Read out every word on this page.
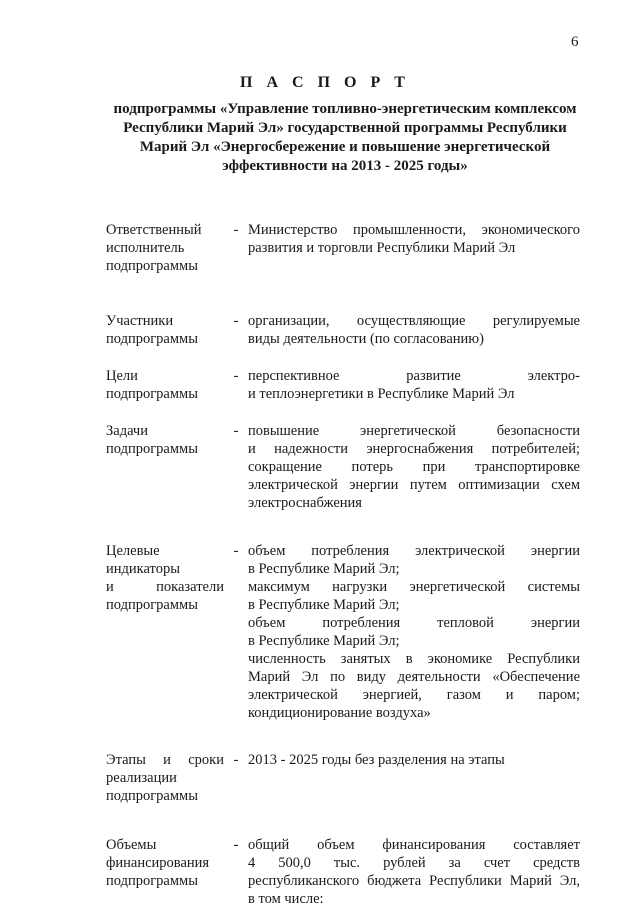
6
П А С П О Р Т
подпрограммы «Управление топливно-энергетическим комплексом
Республики Марий Эл» государственной программы Республики
Марий Эл «Энергосбережение и повышение энергетической
эффективности на 2013 - 2025 годы»
Ответственный
исполнитель
подпрограммы
- Министерство промышленности, экономического
развития и торговли Республики Марий Эл
Участники
подпрограммы
- организации, осуществляющие регулируемые
виды деятельности (по согласованию)
Цели
подпрограммы
- перспективное развитие электро-
и теплоэнергетики в Республике Марий Эл
Задачи
подпрограммы
- повышение энергетической безопасности
и надежности энергоснабжения потребителей;
сокращение потерь при транспортировке
электрической энергии путем оптимизации схем
электроснабжения
Целевые
индикаторы
и показатели
подпрограммы
- объем потребления электрической энергии
в Республике Марий Эл;
максимум нагрузки энергетической системы
в Республике Марий Эл;
объем потребления тепловой энергии
в Республике Марий Эл;
численность занятых в экономике Республики
Марий Эл по виду деятельности «Обеспечение
электрической энергией, газом и паром;
кондиционирование воздуха»
Этапы и сроки
реализации
подпрограммы
- 2013 - 2025 годы без разделения на этапы
Объемы
финансирования
подпрограммы
- общий объем финансирования составляет
4 500,0 тыс. рублей за счет средств
республиканского бюджета Республики Марий Эл,
в том числе:
